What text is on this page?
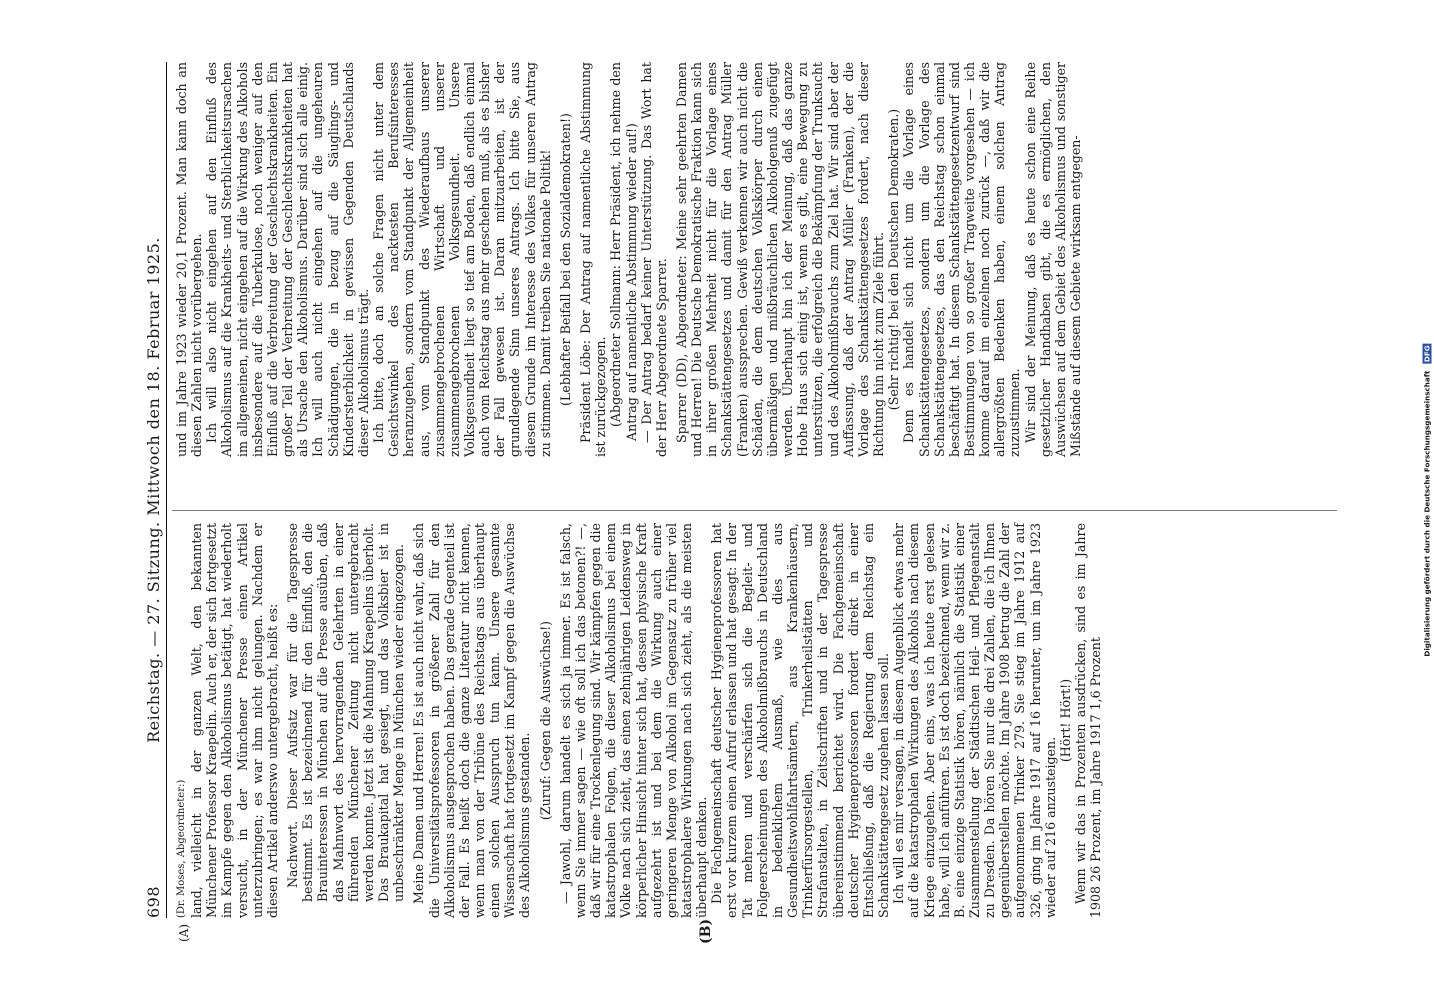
698
Reichstag. — 27. Sitzung. Mittwoch den 18. Februar 1925.
(A)	(B)

(Dr. Moses, Abgeordneter:) land, vielleicht in der ganzen Welt, den bekannten Münchener Professor Kraepelin. Auch er, der sich fortgesetzt im Kampfe gegen den Alkoholismus betätigt, hat wiederholt versucht, in der Münchener Presse einen Artikel unterzubringen; es war ihm nicht gelungen. Nachdem er diesen Artikel anderswo untergebracht, heißt es: Nachwort. Dieser Aufsatz war für die Tagespresse bestimmt. Es ist bezeichnend für den Einfluß, den die Brauinteressen in München auf die Presse ausüben, daß das Mahnwort des hervorragenden Gelehrten in einer führenden Münchener Zeitung nicht untergebracht werden konnte. Jetzt ist die Mahnung Kraepelins überholt. Das Braukapital hat gesiegt, und das Volksbier ist in unbeschränkter Menge in München wieder eingezogen. Meine Damen und Herren! Es ist auch nicht wahr, daß sich die Universitätsprofessoren in größerer Zahl für den Alkoholismus ausgesprochen haben. Das gerade Gegenteil ist der Fall. Es heißt doch die ganze Literatur nicht kennen, wenn man von der Tribüne des Reichstags aus überhaupt einen solchen Ausspruch tun kann. Unsere gesamte Wissenschaft hat fortgesetzt im Kampf gegen die Auswüchse des Alkoholismus gestanden.

(Zuruf: Gegen die Auswüchse!) — Jawohl, darum handelt es sich ja immer. Es ist falsch, wenn Sie immer sagen — wie oft soll ich das betonen?! —, daß wir für eine Trockenlegung sind. Wir kämpfen gegen die katastrophalen Folgen, die dieser Alkoholismus bei einem Volke nach sich zieht, das einen zehnjährigen Leidensweg in körperlicher Hinsicht hinter sich hat, dessen physische Kraft aufgezehrt ist und bei dem die Wirkung auch einer geringeren Menge von Alkohol im Gegensatz zu früher viel katastrophalere Wirkungen nach sich zieht, als die meisten überhaupt denken. Die Fachgemeinschaft deutscher Hygieneprofessoren hat erst vor kurzem einen Aufruf erlassen und hat gesagt: In der Tat mehren und verschärfen sich die Begleit- und Folgeerscheinungen des Alkoholmißbrauchs in Deutschland in bedenklichem Ausmaß, wie dies aus Gesundheitswohlfahrtsämtern, aus Krankenhäusern, Trinkerfürsorgestellen, Trinkerheilstätten und Strafanstalten, in Zeitschriften und in der Tagespresse übereinstimmend berichtet wird. Die Fachgemeinschaft deutscher Hygieneprofessoren fordert direkt in einer Entschließung, daß die Regierung dem Reichstag ein Schankstättengesetz zugehen lassen soll. Ich will es mir versagen, in diesem Augenblick etwas mehr auf die katastrophalen Wirkungen des Alkohols nach diesem Kriege einzugehen. Aber eins, was ich heute erst gelesen habe, will ich anführen. Es ist doch bezeichnend, wenn wir z. B. eine einzige Statistik hören, nämlich die Statistik einer Zusammenstellung der Städtischen Heil- und Pflegeanstalt zu Dresden. Da hören Sie nur die drei Zahlen, die ich Ihnen gegenüberstellen möchte. Im Jahre 1908 betrug die Zahl der aufgenommenen Trinker 279. Sie stieg im Jahre 1912 auf 326, ging im Jahre 1917 auf 16 herunter, um im Jahre 1923 wieder auf 216 anzusteigen.

(Hört! Hört!) Wenn wir das in Prozenten ausdrücken, sind es im Jahre 1908 26 Prozent, im Jahre 1917 1,6 Prozent

und im Jahre 1923 wieder 20,1 Prozent. Man kann doch an diesen Zahlen nicht vorübergehen. Ich will also nicht eingehen auf den Einfluß des Alkoholismus auf die Krankheits- und Sterblichkeitsursachen im allgemeinen, nicht eingehen auf die Wirkung des Alkohols insbesondere auf die Tuberkulose, noch weniger auf den Einfluß auf die Verbreitung der Geschlechtskrankheiten. Ein großer Teil der Verbreitung der Geschlechtskrankheiten hat als Ursache den Alkoholismus. Darüber sind sich alle einig. Ich will auch nicht eingehen auf die ungeheuren Schädigungen, die in bezug auf die Säuglings- und Kindersterblichkeit in gewissen Gegenden Deutschlands dieser Alkoholismus trägt. Ich bitte, doch an solche Fragen nicht unter dem Gesichtswinkel des nacktesten Berufsinteresses heranzugehen, sondern vom Standpunkt der Allgemeinheit aus, vom Standpunkt des Wiederaufbaus unserer zusammengebrochenen Wirtschaft und unserer zusammengebrochenen Volksgesundheit. Unsere Volksgesundheit liegt so tief am Boden, daß endlich einmal auch vom Reichstag aus mehr geschehen muß, als es bisher der Fall gewesen ist. Daran mitzuarbeiten, ist der grundlegende Sinn unseres Antrags. Ich bitte Sie, aus diesem Grunde im Interesse des Volkes für unseren Antrag zu stimmen. Damit treiben Sie nationale Politik! (Lebhafter Beifall bei den Sozialdemokraten!) Präsident Löbe: Der Antrag auf namentliche Abstimmung ist zurückgezogen. (Abgeordneter Sollmann: Herr Präsident, ich nehme den Antrag auf namentliche Abstimmung wieder auf!) — Der Antrag bedarf keiner Unterstützung. Das Wort hat der Herr Abgeordnete Sparrer. Sparrer (DD), Abgeordneter: Meine sehr geehrten Damen und Herren! Die Deutsche Demokratische Fraktion kann sich in ihrer großen Mehrheit nicht für die Vorlage eines Schankstättengesetzes und damit für den Antrag Müller (Franken) aussprechen. Gewiß verkennen wir auch nicht die Schäden, die dem deutschen Volkskörper durch einen übermäßigen und mißbräuchlichen Alkoholgenuß zugefügt werden. Überhaupt bin ich der Meinung, daß das ganze Hohe Haus sich einig ist, wenn es gilt, eine Bewegung zu unterstützen, die erfolgreich die Bekämpfung der Trunksucht und des Alkoholmißbrauchs zum Ziel hat. Wir sind aber der Auffassung, daß der Antrag Müller (Franken), der die Vorlage des Schankstättengesetzes fordert, nach dieser Richtung hin nicht zum Ziele führt. (Sehr richtig! bei den Deutschen Demokraten.) Denn es handelt sich nicht um die Vorlage eines Schankstättengesetzes, sondern um die Vorlage des Schankstättengesetzes, das den Reichstag schon einmal beschäftigt hat. In diesem Schankstättengesetzentwurf sind Bestimmungen von so großer Tragweite vorgesehen — ich komme darauf im einzelnen noch zurück —, daß wir die allergrößten Bedenken haben, einem solchen Antrag zuzustimmen. Wir sind der Meinung, daß es heute schon eine Reihe gesetzlicher Handhaben gibt, die es ermöglichen, den Auswüchsen auf dem Gebiet des Alkoholismus und sonstiger Mißstände auf diesem Gebiete wirksam entgegen-

Digitalisierung gefördert durch die Deutsche Forschungsgemeinschaft DFG
